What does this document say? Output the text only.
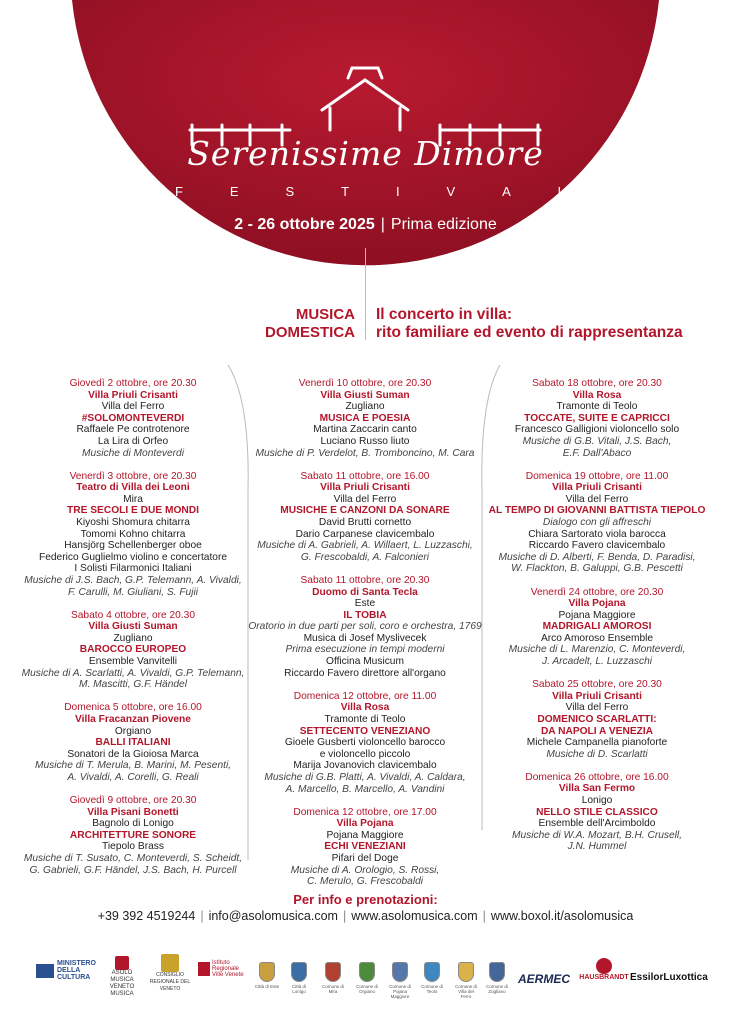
Serenissime Dimore
F	E	S	T	I	V	A	L
2 - 26 ottobre 2025 | Prima edizione
MUSICA
DOMESTICA
Il concerto in villa:
rito familiare ed evento di rappresentanza
Giovedì 2 ottobre, ore 20.30
Villa Priuli Crisanti
Villa del Ferro
#SOLOMONTEVERDI
Raffaele Pe controtenore
La Lira di Orfeo
Musiche di Monteverdi
Venerdì 3 ottobre, ore 20.30
Teatro di Villa dei Leoni
Mira
TRE SECOLI E DUE MONDI
Kiyoshi Shomura chitarra
Tomomi Kohno chitarra
Hansjörg Schellenberger oboe
Federico Guglielmo violino e concertatore
I Solisti Filarmonici Italiani
Musiche di J.S. Bach, G.P. Telemann, A. Vivaldi,
F. Carulli, M. Giuliani, S. Fujii
Sabato 4 ottobre, ore 20.30
Villa Giusti Suman
Zugliano
BAROCCO EUROPEO
Ensemble Vanvitelli
Musiche di A. Scarlatti, A. Vivaldi, G.P. Telemann,
M. Mascitti, G.F. Händel
Domenica 5 ottobre, ore 16.00
Villa Fracanzan Piovene
Orgiano
BALLI ITALIANI
Sonatori de la Gioiosa Marca
Musiche di T. Merula, B. Marini, M. Pesenti,
A. Vivaldi, A. Corelli, G. Reali
Giovedì 9 ottobre, ore 20.30
Villa Pisani Bonetti
Bagnolo di Lonigo
ARCHITETTURE SONORE
Tiepolo Brass
Musiche di T. Susato, C. Monteverdi, S. Scheidt,
G. Gabrieli, G.F. Händel, J.S. Bach, H. Purcell
Venerdì 10 ottobre, ore 20.30
Villa Giusti Suman
Zugliano
MUSICA E POESIA
Martina Zaccarin canto
Luciano Russo liuto
Musiche di P. Verdelot, B. Tromboncino, M. Cara
Sabato 11 ottobre, ore 16.00
Villa Priuli Crisanti
Villa del Ferro
MUSICHE E CANZONI DA SONARE
David Brutti cornetto
Dario Carpanese clavicembalo
Musiche di A. Gabrieli, A. Willaert, L. Luzzaschi,
G. Frescobaldi, A. Falconieri
Sabato 11 ottobre, ore 20.30
Duomo di Santa Tecla
Este
IL TOBIA
Oratorio in due parti per soli, coro e orchestra, 1769
Musica di Josef Myslivecek
Prima esecuzione in tempi moderni
Officina Musicum
Riccardo Favero direttore all'organo
Domenica 12 ottobre, ore 11.00
Villa Rosa
Tramonte di Teolo
SETTECENTO VENEZIANO
Gioele Gusberti violoncello barocco
e violoncello piccolo
Marija Jovanovich clavicembalo
Musiche di G.B. Platti, A. Vivaldi, A. Caldara,
A. Marcello, B. Marcello, A. Vandini
Domenica 12 ottobre, ore 17.00
Villa Pojana
Pojana Maggiore
ECHI VENEZIANI
Pifari del Doge
Musiche di A. Orologio, S. Rossi,
C. Merulo, G. Frescobaldi
Sabato 18 ottobre, ore 20.30
Villa Rosa
Tramonte di Teolo
TOCCATE, SUITE E CAPRICCI
Francesco Galligioni violoncello solo
Musiche di G.B. Vitali, J.S. Bach,
E.F. Dall'Abaco
Domenica 19 ottobre, ore 11.00
Villa Priuli Crisanti
Villa del Ferro
AL TEMPO DI GIOVANNI BATTISTA TIEPOLO
Dialogo con gli affreschi
Chiara Sartorato viola barocca
Riccardo Favero clavicembalo
Musiche di D. Alberti, F. Benda, D. Paradisi,
W. Flackton, B. Galuppi, G.B. Pescetti
Venerdì 24 ottobre, ore 20.30
Villa Pojana
Pojana Maggiore
MADRIGALI AMOROSI
Arco Amoroso Ensemble
Musiche di L. Marenzio, C. Monteverdi,
J. Arcadelt, L. Luzzaschi
Sabato 25 ottobre, ore 20.30
Villa Priuli Crisanti
Villa del Ferro
DOMENICO SCARLATTI:
DA NAPOLI A VENEZIA
Michele Campanella pianoforte
Musiche di D. Scarlatti
Domenica 26 ottobre, ore 16.00
Villa San Fermo
Lonigo
NELLO STILE CLASSICO
Ensemble dell'Arcimboldo
Musiche di W.A. Mozart, B.H. Crusell,
J.N. Hummel
Per info e prenotazioni:
+39 392 4519244 | info@asolomusica.com | www.asolomusica.com | www.boxol.it/asolomusica
MINISTERO DELLA CULTURA
ASOLO MUSICA VENETO MUSICA
CONSIGLIO REGIONALE DEL VENETO
Istituto Regionale Ville Venete
Città di Este	Città di Lonigo
Comune di Mira
Comune di Orgiano
Comune di Pojana Maggiore
Comune di Teolo
Comune di Villa del Ferro
Comune di Zugliano
AERMEC HAUSBRANDT EssilorLuxottica
